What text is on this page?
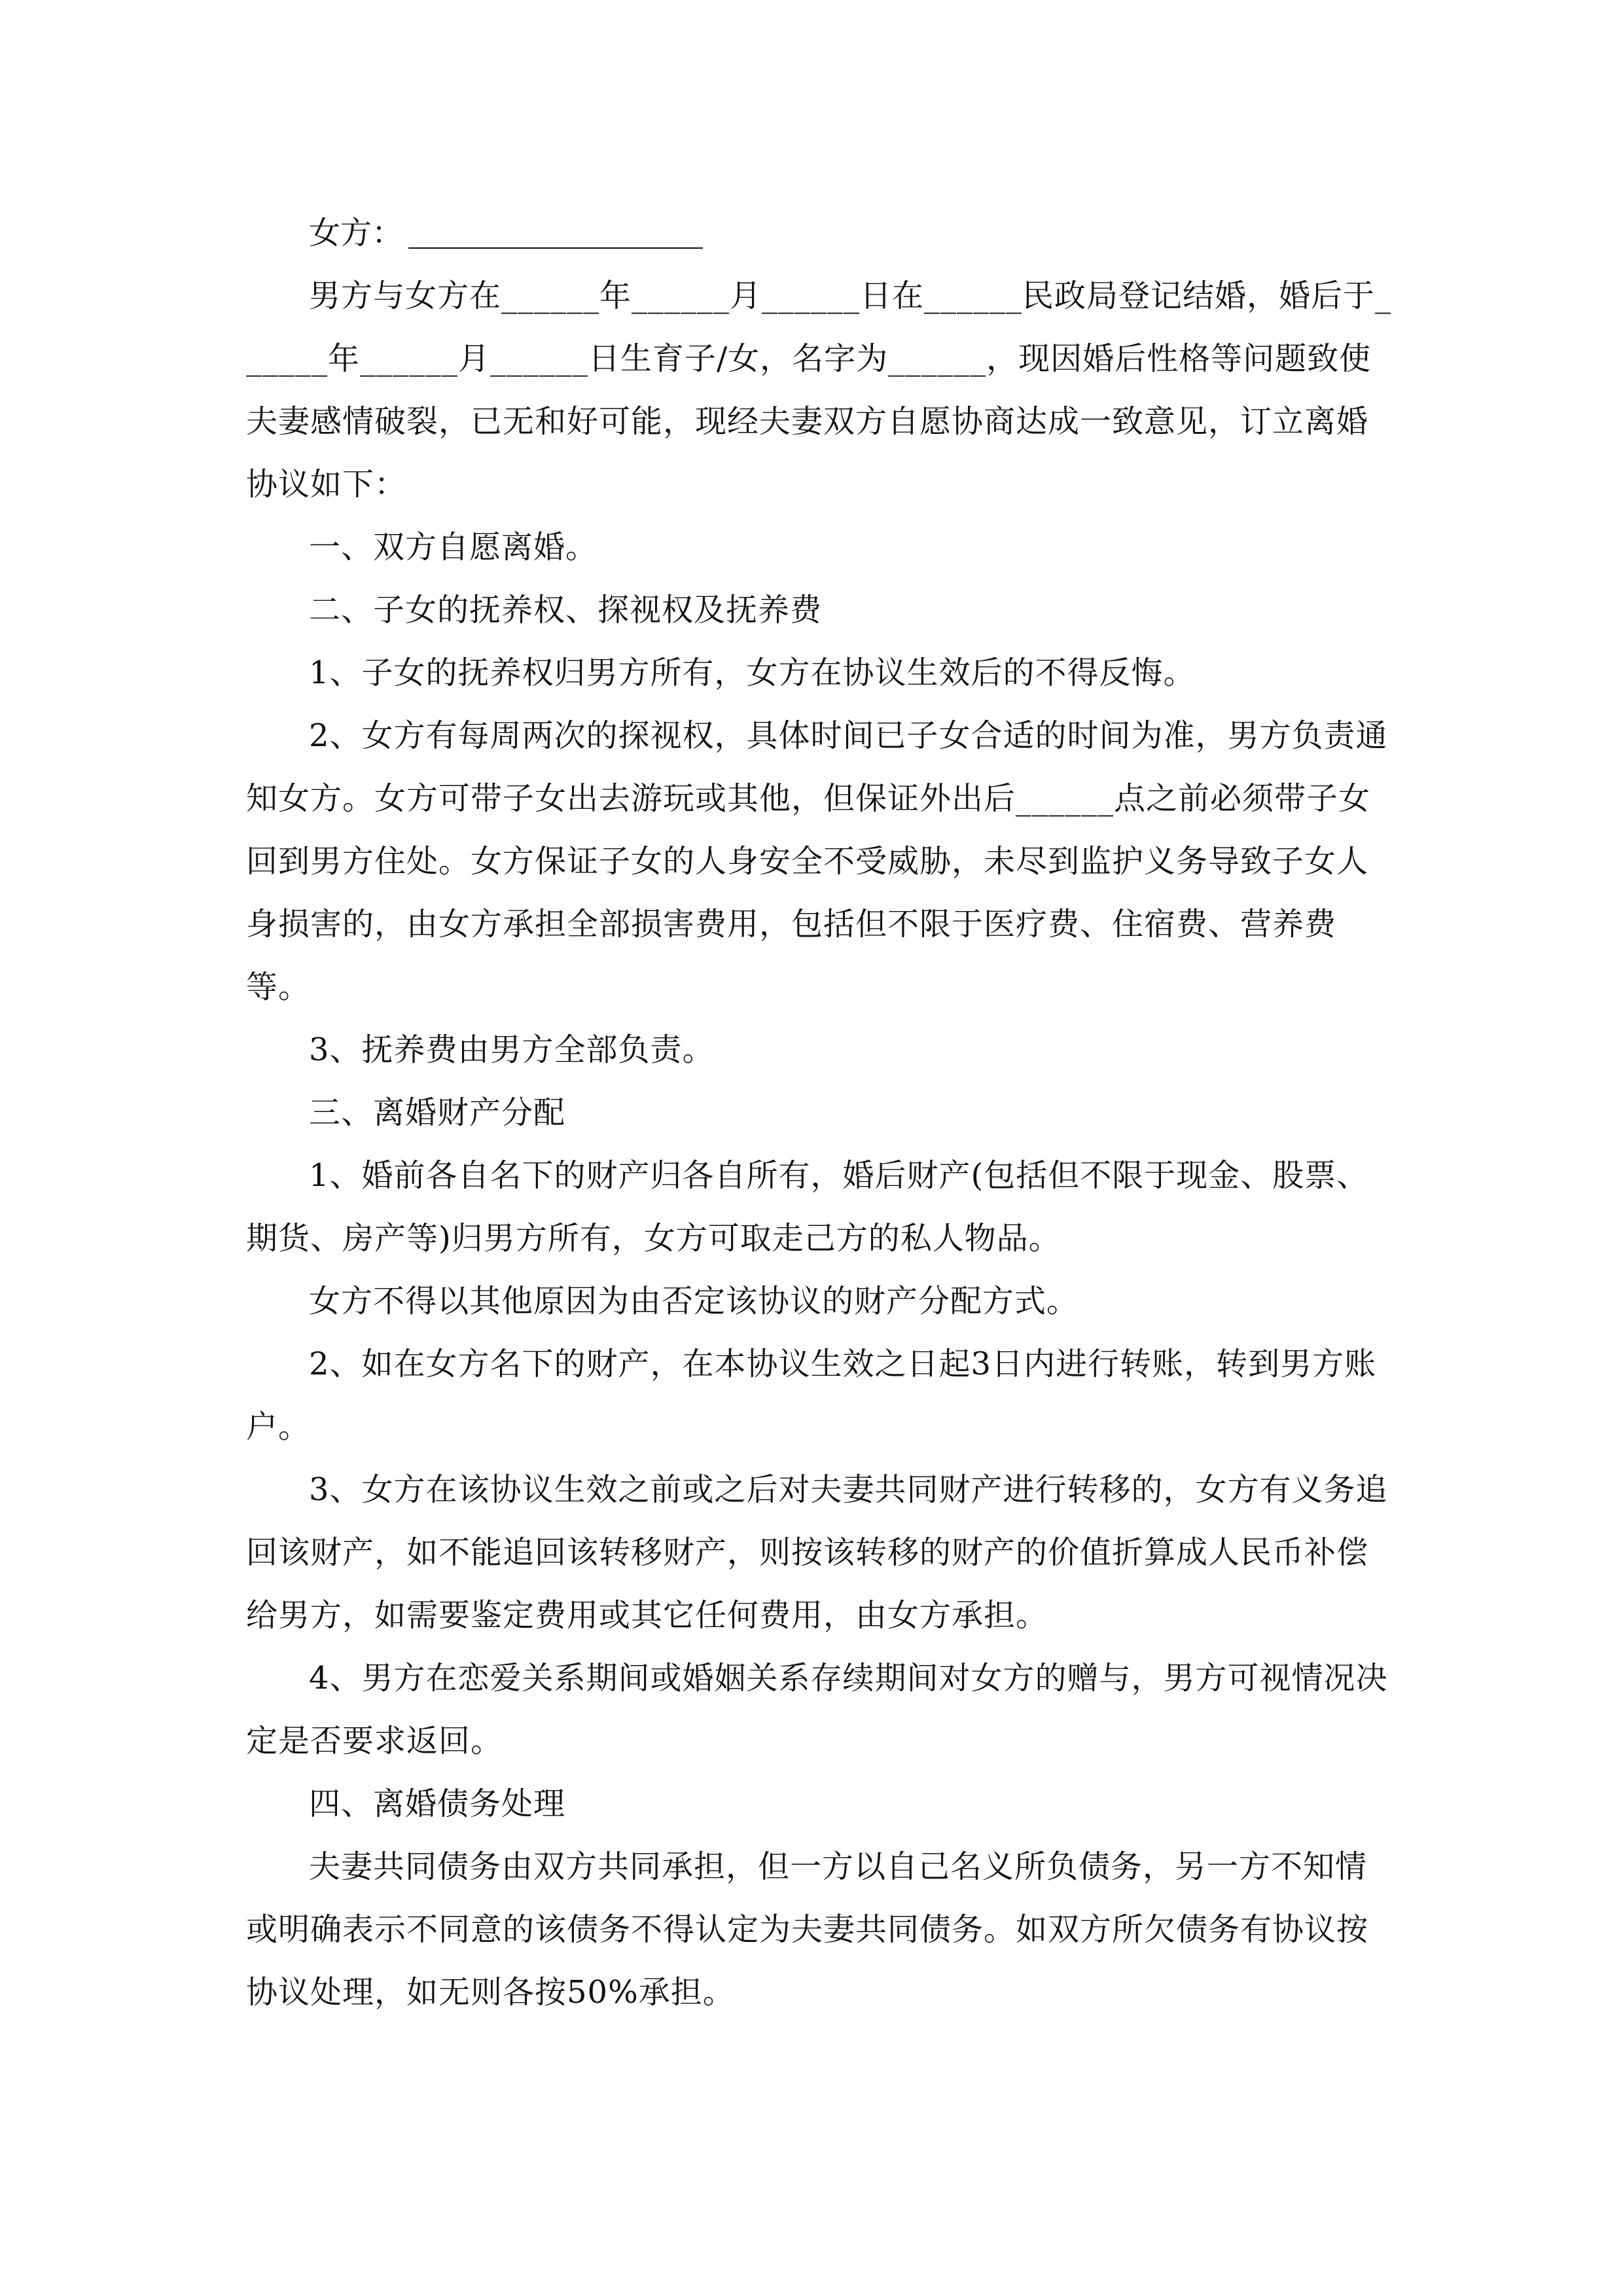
女方：

男方与女方在______年______月______日在______民政局登记结婚，婚后于______年______月______日生育子/女，名字为______，现因婚后性格等问题致使夫妻感情破裂，已无和好可能，现经夫妻双方自愿协商达成一致意见，订立离婚协议如下：

一、双方自愿离婚。

二、子女的抚养权、探视权及抚养费

1、子女的抚养权归男方所有，女方在协议生效后的不得反悔。

2、女方有每周两次的探视权，具体时间已子女合适的时间为准，男方负责通知女方。女方可带子女出去游玩或其他，但保证外出后______点之前必须带子女回到男方住处。女方保证子女的人身安全不受威胁，未尽到监护义务导致子女人身损害的，由女方承担全部损害费用，包括但不限于医疗费、住宿费、营养费等。

3、抚养费由男方全部负责。

三、离婚财产分配

1、婚前各自名下的财产归各自所有，婚后财产(包括但不限于现金、股票、期货、房产等)归男方所有，女方可取走己方的私人物品。

女方不得以其他原因为由否定该协议的财产分配方式。

2、如在女方名下的财产，在本协议生效之日起3日内进行转账，转到男方账户。

3、女方在该协议生效之前或之后对夫妻共同财产进行转移的，女方有义务追回该财产，如不能追回该转移财产，则按该转移的财产的价值折算成人民币补偿给男方，如需要鉴定费用或其它任何费用，由女方承担。

4、男方在恋爱关系期间或婚姻关系存续期间对女方的赠与，男方可视情况决定是否要求返回。

四、离婚债务处理

夫妻共同债务由双方共同承担，但一方以自己名义所负债务，另一方不知情或明确表示不同意的该债务不得认定为夫妻共同债务。如双方所欠债务有协议按协议处理，如无则各按50%承担。
